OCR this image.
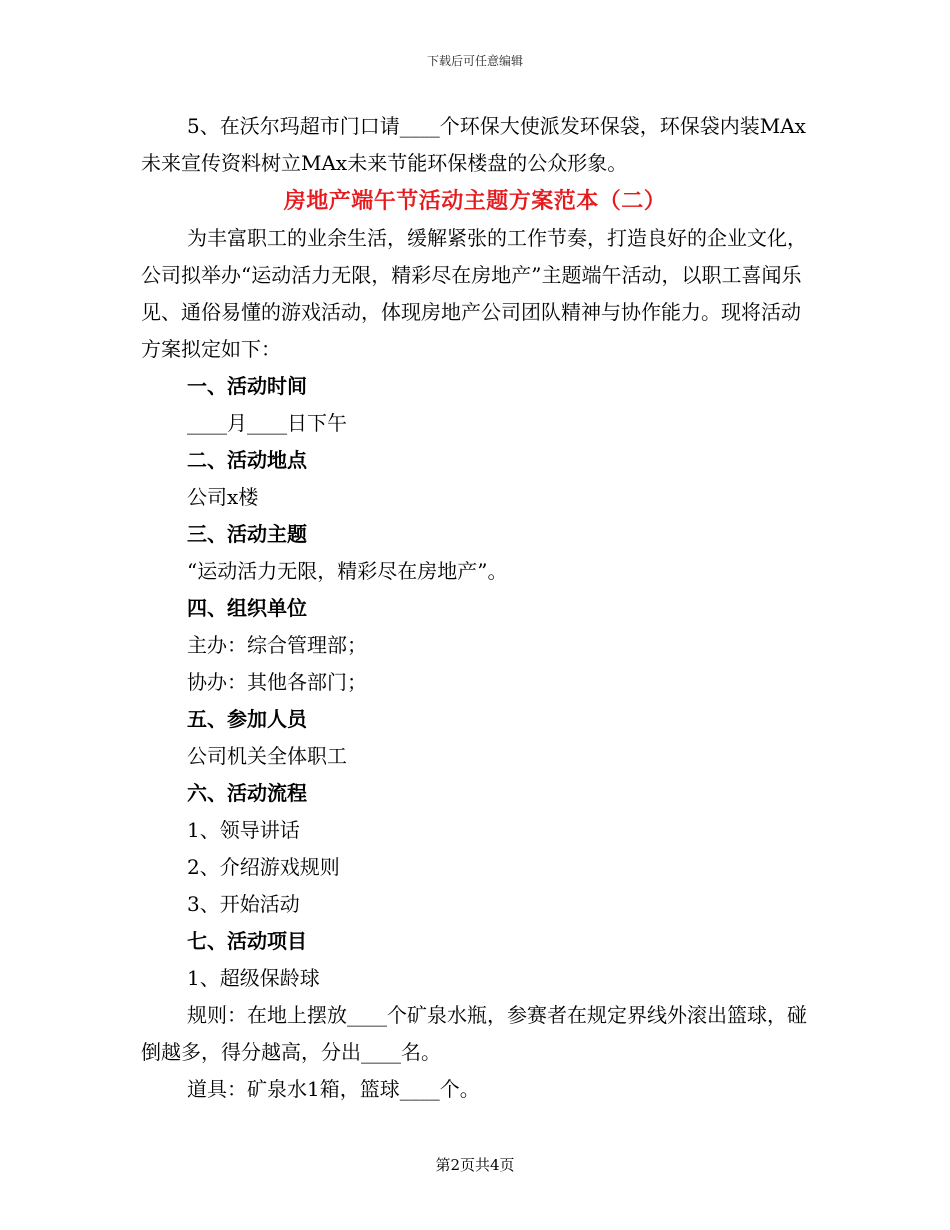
下载后可任意编辑

5、在沃尔玛超市门口请____个环保大使派发环保袋，环保袋内装MAx未来宣传资料树立MAx未来节能环保楼盘的公众形象。

房地产端午节活动主题方案范本（二）

为丰富职工的业余生活，缓解紧张的工作节奏，打造良好的企业文化，公司拟举办“运动活力无限，精彩尽在房地产”主题端午活动，以职工喜闻乐见、通俗易懂的游戏活动，体现房地产公司团队精神与协作能力。现将活动方案拟定如下：

一、活动时间

____月____日下午

二、活动地点

公司x楼

三、活动主题

“运动活力无限，精彩尽在房地产”。

四、组织单位

主办：综合管理部；

协办：其他各部门；

五、参加人员

公司机关全体职工

六、活动流程

1、领导讲话

2、介绍游戏规则

3、开始活动

七、活动项目

1、超级保龄球

规则：在地上摆放____个矿泉水瓶，参赛者在规定界线外滚出篮球，碰倒越多，得分越高，分出____名。

道具：矿泉水1箱，篮球____个。

第2页共4页
